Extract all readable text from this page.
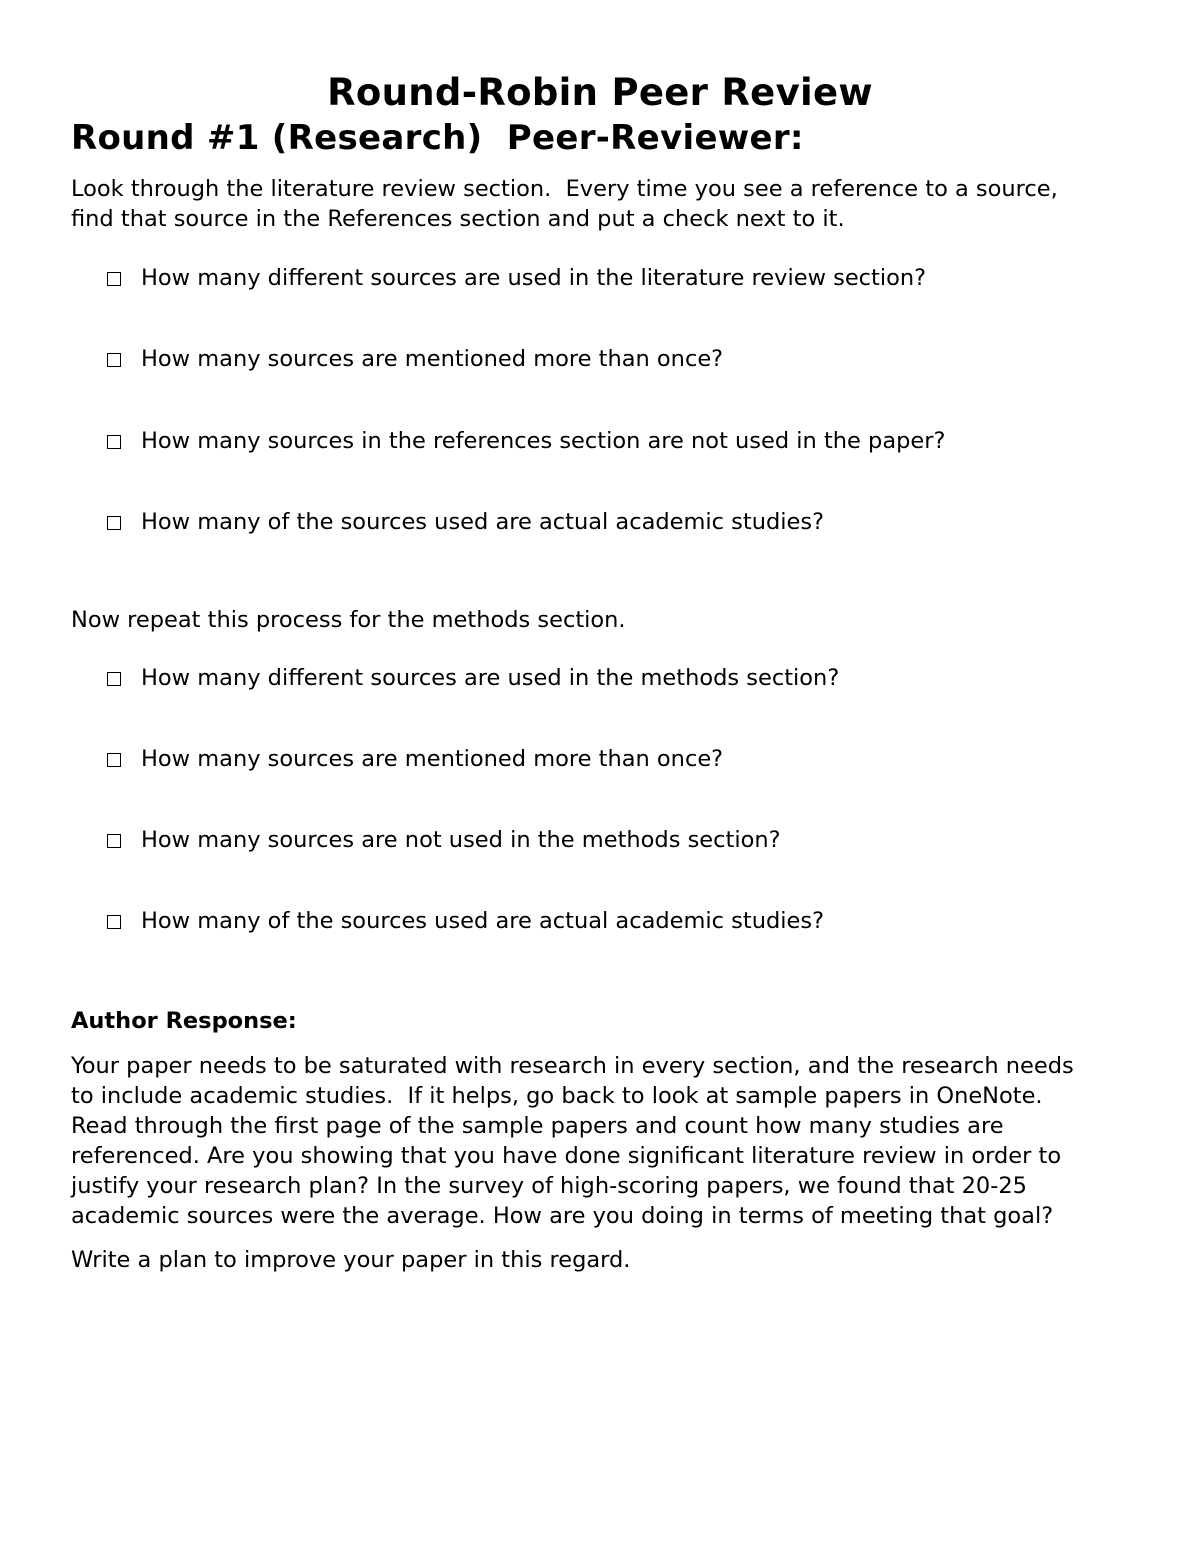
Round-Robin Peer Review
Round #1 (Research)  Peer-Reviewer:

Look through the literature review section.  Every time you see a reference to a source,
find that source in the References section and put a check next to it.

How many different sources are used in the literature review section?
How many sources are mentioned more than once?
How many sources in the references section are not used in the paper?
How many of the sources used are actual academic studies?

Now repeat this process for the methods section.

How many different sources are used in the methods section?
How many sources are mentioned more than once?
How many sources are not used in the methods section?
How many of the sources used are actual academic studies?
Author Response:

Your paper needs to be saturated with research in every section, and the research needs
to include academic studies.  If it helps, go back to look at sample papers in OneNote.
Read through the first page of the sample papers and count how many studies are
referenced. Are you showing that you have done significant literature review in order to
justify your research plan? In the survey of high-scoring papers, we found that 20-25
academic sources were the average. How are you doing in terms of meeting that goal?

Write a plan to improve your paper in this regard.
